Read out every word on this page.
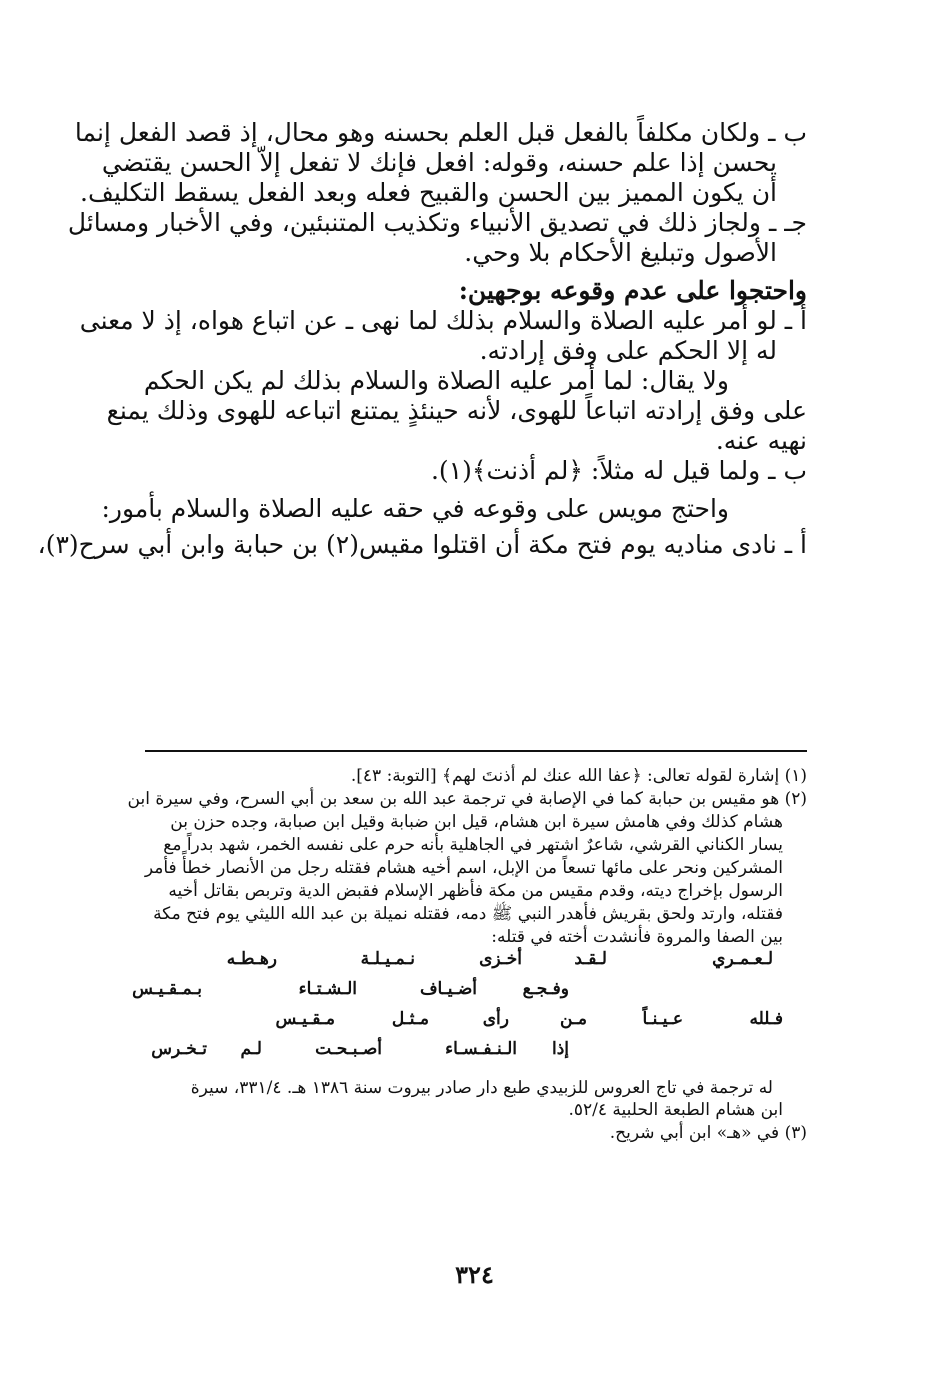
ب ـ ولكان مكلفاً بالفعل قبل العلم بحسنه وهو محال، إذ قصد الفعل إنما

يحسن إذا علم حسنه، وقوله: افعل فإنك لا تفعل إلاّ الحسن يقتضي

أن يكون المميز بين الحسن والقبيح فعله وبعد الفعل يسقط التكليف.

جـ ـ ولجاز ذلك في تصديق الأنبياء وتكذيب المتنبئين، وفي الأخبار ومسائل

الأصول وتبليغ الأحكام بلا وحي.

واحتجوا على عدم وقوعه بوجهين:

أ ـ لو أمر عليه الصلاة والسلام بذلك لما نهى ـ عن اتباع هواه، إذ لا معنى

له إلا الحكم على وفق إرادته.

ولا يقال: لما أمر عليه الصلاة والسلام بذلك لم يكن الحكم

على وفق إرادته اتباعاً للهوى، لأنه حينئذٍ يمتنع اتباعه للهوى وذلك يمنع

نهيه عنه.

ب ـ ولما قيل له مثلاً: ﴿لم أذنت﴾(١).

واحتج مويس على وقوعه في حقه عليه الصلاة والسلام بأمور:

أ ـ نادى مناديه يوم فتح مكة أن اقتلوا مقيس(٢) بن حبابة وابن أبي سرح(٣)،

(١) إشارة لقوله تعالى: ﴿عفا الله عنك لم أذنتَ لهم﴾ [التوبة: ٤٣].

(٢) هو مقيس بن حبابة كما في الإصابة في ترجمة عبد الله بن سعد بن أبي السرح، وفي سيرة ابن

هشام كذلك وفي هامش سيرة ابن هشام، قيل ابن ضبابة وقيل ابن صبابة، وجده حزن بن

يسار الكناني القرشي، شاعرٌ اشتهر في الجاهلية بأنه حرم على نفسه الخمر، شهد بدراً مع

المشركين ونحر على مائها تسعاً من الإبل، اسم أخيه هشام فقتله رجل من الأنصار خطأً فأمر

الرسول بإخراج ديته، وقدم مقيس من مكة فأظهر الإسلام فقبض الدية وتربص بقاتل أخيه

فقتله، وارتد ولحق بقريش فأهدر النبي ﷺ دمه، فقتله نميلة بن عبد الله الليثي يوم فتح مكة

بين الصفا والمروة فأنشدت أخته في قتله:

لـعـمـري
لـقـد
أخـزى
نـمـيـلـة
رهـطـه
وفـجـع
أضـيـاف
الـشـتـاء
بـمـقـيـس
فـلله
عـيـنـاً
مـن
رأى
مـثـل
مـقـيـس
إذا
الـنـفـسـاء
أصـبـحـت
لـم
تـخـرس

له ترجمة في تاج العروس للزبيدي طبع دار صادر بيروت سنة ١٣٨٦ هـ. ٣٣١/٤، سيرة

ابن هشام الطبعة الحلبية ٥٢/٤.

(٣) في «هـ» ابن أبي شريح.

٣٢٤
